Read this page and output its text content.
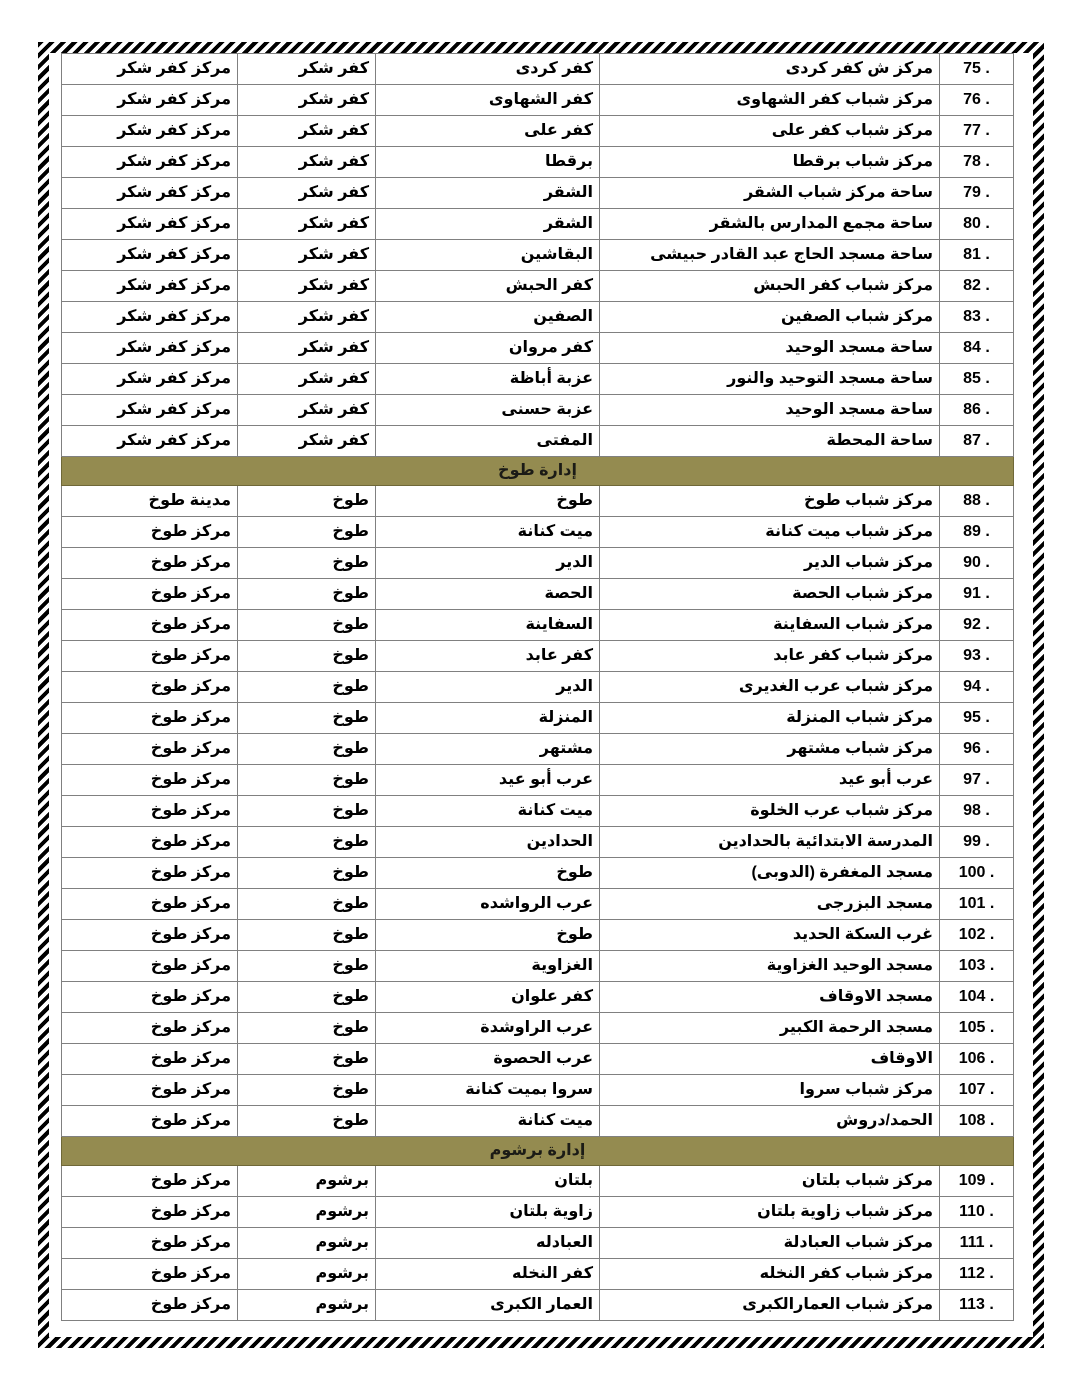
75 .	مركز ش كفر كردى	كفر كردى	كفر شكر	مركز كفر شكر
76 .	مركز شباب كفر الشهاوى	كفر الشهاوى	كفر شكر	مركز كفر شكر
77 .	مركز شباب كفر على	كفر على	كفر شكر	مركز كفر شكر
78 .	مركز شباب برقطا	برقطا	كفر شكر	مركز كفر شكر
79 .	ساحة مركز شباب الشقر	الشقر	كفر شكر	مركز كفر شكر
80 .	ساحة مجمع المدارس بالشقر	الشقر	كفر شكر	مركز كفر شكر
81 .	ساحة مسجد الحاج عبد القادر حبيشى	البقاشين	كفر شكر	مركز كفر شكر
82 .	مركز شباب كفر الحبش	كفر الحبش	كفر شكر	مركز كفر شكر
83 .	مركز شباب الصفين	الصفين	كفر شكر	مركز كفر شكر
84 .	ساحة مسجد الوحيد	كفر مروان	كفر شكر	مركز كفر شكر
85 .	ساحة مسجد التوحيد والنور	عزبة أباظة	كفر شكر	مركز كفر شكر
86 .	ساحة مسجد الوحيد	عزبة حسنى	كفر شكر	مركز كفر شكر
87 .	ساحة المحطة	المفتى	كفر شكر	مركز كفر شكر
إدارة طوخ				
88 .	مركز شباب طوخ	طوخ	طوخ	مدينة طوخ
89 .	مركز شباب ميت كنانة	ميت كنانة	طوخ	مركز طوخ
90 .	مركز شباب الدير	الدير	طوخ	مركز طوخ
91 .	مركز شباب الحصة	الحصة	طوخ	مركز طوخ
92 .	مركز شباب السفاينة	السفاينة	طوخ	مركز طوخ
93 .	مركز شباب كفر عابد	كفر عابد	طوخ	مركز طوخ
94 .	مركز شباب عرب الغديرى	الدير	طوخ	مركز طوخ
95 .	مركز شباب المنزلة	المنزلة	طوخ	مركز طوخ
96 .	مركز شباب مشتهر	مشتهر	طوخ	مركز طوخ
97 .	عرب أبو عيد	عرب أبو عيد	طوخ	مركز طوخ
98 .	مركز شباب عرب الخلوة	ميت كنانة	طوخ	مركز طوخ
99 .	المدرسة الابتدائية بالحدادين	الحدادين	طوخ	مركز طوخ
100 .	مسجد المغفرة (الدوبى)	طوخ	طوخ	مركز طوخ
101 .	مسجد البزرجى	عرب الرواشده	طوخ	مركز طوخ
102 .	غرب السكة الحديد	طوخ	طوخ	مركز طوخ
103 .	مسجد الوحيد الغزاوية	الغزاوية	طوخ	مركز طوخ
104 .	مسجد الاوقاف	كفر علوان	طوخ	مركز طوخ
105 .	مسجد الرحمة الكبير	عرب الراوشدة	طوخ	مركز طوخ
106 .	الاوقاف	عرب الحصوة	طوخ	مركز طوخ
107 .	مركز شباب سروا	سروا بميت كنانة	طوخ	مركز طوخ
108 .	الحمد/دروش	ميت كنانة	طوخ	مركز طوخ
إدارة برشوم				
109 .	مركز شباب بلتان	بلتان	برشوم	مركز طوخ
110 .	مركز شباب زاوية بلتان	زاوية بلتان	برشوم	مركز طوخ
111 .	مركز شباب العبادلة	العبادله	برشوم	مركز طوخ
112 .	مركز شباب كفر النخله	كفر النخله	برشوم	مركز طوخ
113 .	مركز شباب العمارالكبرى	العمار الكبرى	برشوم	مركز طوخ
